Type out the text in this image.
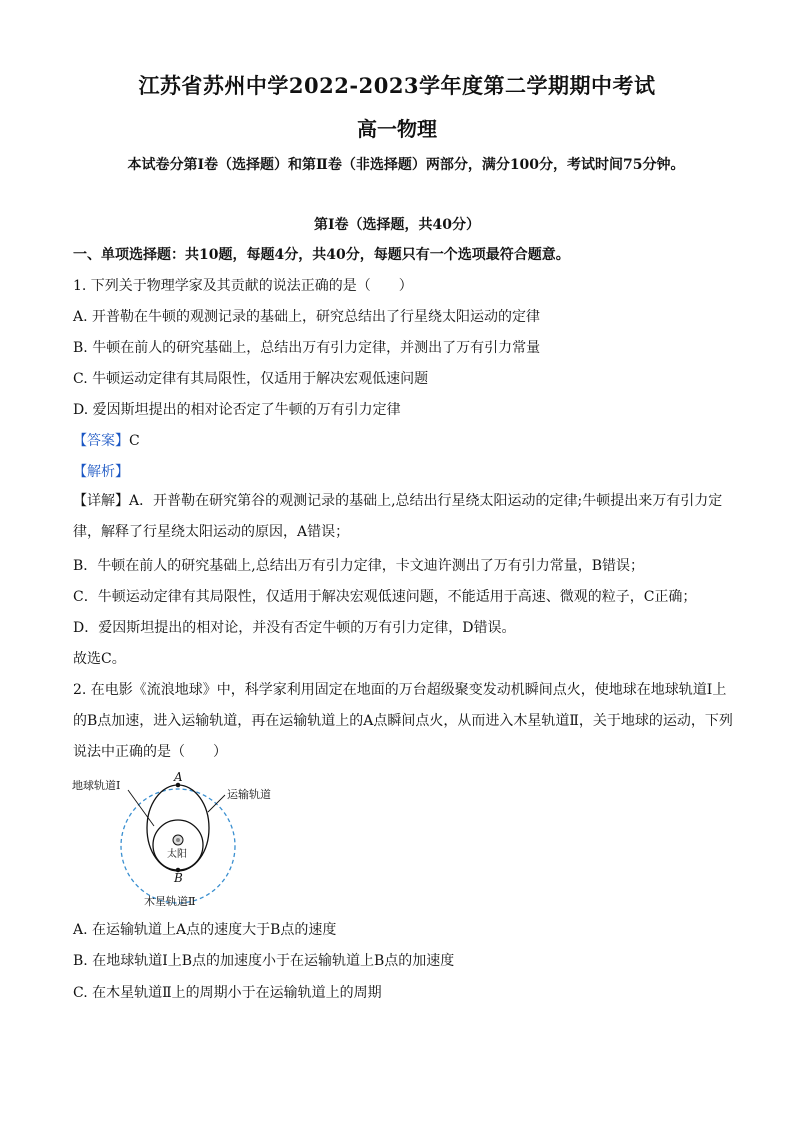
江苏省苏州中学2022-2023学年度第二学期期中考试
高一物理
本试卷分第Ⅰ卷（选择题）和第Ⅱ卷（非选择题）两部分，满分100分，考试时间75分钟。
第Ⅰ卷（选择题，共40分）
一、单项选择题：共10题，每题4分，共40分，每题只有一个选项最符合题意。
1. 下列关于物理学家及其贡献的说法正确的是（　　）
A. 开普勒在牛顿的观测记录的基础上，研究总结出了行星绕太阳运动的定律
B. 牛顿在前人的研究基础上，总结出万有引力定律，并测出了万有引力常量
C. 牛顿运动定律有其局限性，仅适用于解决宏观低速问题
D. 爱因斯坦提出的相对论否定了牛顿的万有引力定律
【答案】C
【解析】
【详解】A．开普勒在研究第谷的观测记录的基础上,总结出行星绕太阳运动的定律;牛顿提出来万有引力定律，解释了行星绕太阳运动的原因，A错误；
B．牛顿在前人的研究基础上,总结出万有引力定律，卡文迪许测出了万有引力常量，B错误；
C．牛顿运动定律有其局限性，仅适用于解决宏观低速问题，不能适用于高速、微观的粒子，C正确；
D．爱因斯坦提出的相对论，并没有否定牛顿的万有引力定律，D错误。
故选C。
2. 在电影《流浪地球》中，科学家利用固定在地面的万台超级聚变发动机瞬间点火，使地球在地球轨道Ⅰ上的B点加速，进入运输轨道，再在运输轨道上的A点瞬间点火，从而进入木星轨道Ⅱ，关于地球的运动，下列说法中正确的是（　　）
地球轨道Ⅰ
运输轨道
A
太阳
B
木星轨道Ⅱ
A. 在运输轨道上A点的速度大于B点的速度
B. 在地球轨道Ⅰ上B点的加速度小于在运输轨道上B点的加速度
C. 在木星轨道Ⅱ上的周期小于在运输轨道上的周期
